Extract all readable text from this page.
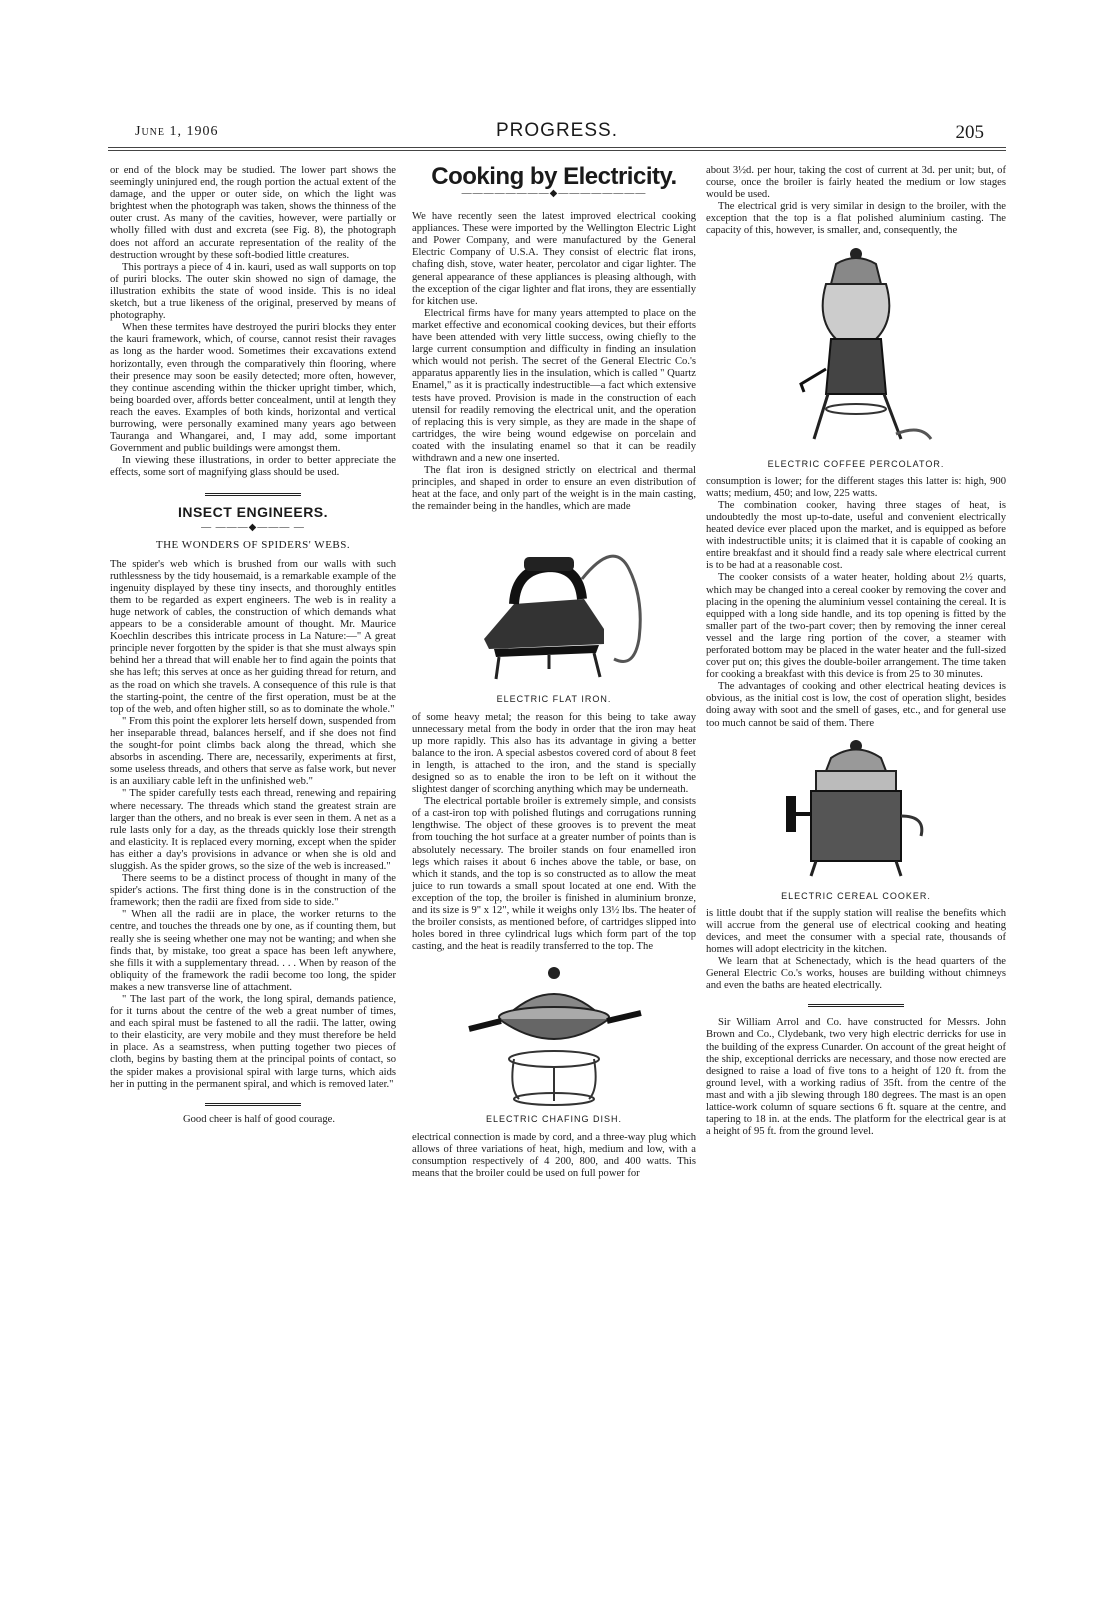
June 1, 1906	PROGRESS.	205

or end of the block may be studied. The lower part shows the seemingly uninjured end, the rough portion the actual extent of the damage, and the upper or outer side, on which the light was brightest when the photograph was taken, shows the thinness of the outer crust. As many of the cavities, however, were partially or wholly filled with dust and excreta (see Fig. 8), the photograph does not afford an accurate representation of the reality of the destruction wrought by these soft-bodied little creatures.

This portrays a piece of 4 in. kauri, used as wall supports on top of puriri blocks. The outer skin showed no sign of damage, the illustration exhibits the state of wood inside. This is no ideal sketch, but a true likeness of the original, preserved by means of photography.

When these termites have destroyed the puriri blocks they enter the kauri framework, which, of course, cannot resist their ravages as long as the harder wood. Sometimes their excavations extend horizontally, even through the comparatively thin flooring, where their presence may soon be easily detected; more often, however, they continue ascending within the thicker upright timber, which, being boarded over, affords better concealment, until at length they reach the eaves. Examples of both kinds, horizontal and vertical burrowing, were personally examined many years ago between Tauranga and Whangarei, and, I may add, some important Government and public buildings were amongst them.

In viewing these illustrations, in order to better appreciate the effects, some sort of magnifying glass should be used.

INSECT ENGINEERS.
— ———◆——— —
THE WONDERS OF SPIDERS' WEBS.

The spider's web which is brushed from our walls with such ruthlessness by the tidy housemaid, is a remarkable example of the ingenuity displayed by these tiny insects, and thoroughly entitles them to be regarded as expert engineers. The web is in reality a huge network of cables, the construction of which demands what appears to be a considerable amount of thought. Mr. Maurice Koechlin describes this intricate process in La Nature:—" A great principle never forgotten by the spider is that she must always spin behind her a thread that will enable her to find again the points that she has left; this serves at once as her guiding thread for return, and as the road on which she travels. A consequence of this rule is that the starting-point, the centre of the first operation, must be at the top of the web, and often higher still, so as to dominate the whole."

" From this point the explorer lets herself down, suspended from her inseparable thread, balances herself, and if she does not find the sought-for point climbs back along the thread, which she absorbs in ascending. There are, necessarily, experiments at first, some useless threads, and others that serve as false work, but never is an auxiliary cable left in the unfinished web."

" The spider carefully tests each thread, renewing and repairing where necessary. The threads which stand the greatest strain are larger than the others, and no break is ever seen in them. A net as a rule lasts only for a day, as the threads quickly lose their strength and elasticity. It is replaced every morning, except when the spider has either a day's provisions in advance or when she is old and sluggish. As the spider grows, so the size of the web is increased."

There seems to be a distinct process of thought in many of the spider's actions. The first thing done is in the construction of the framework; then the radii are fixed from side to side."

" When all the radii are in place, the worker returns to the centre, and touches the threads one by one, as if counting them, but really she is seeing whether one may not be wanting; and when she finds that, by mistake, too great a space has been left anywhere, she fills it with a supplementary thread. . . . When by reason of the obliquity of the framework the radii become too long, the spider makes a new transverse line of attachment.

" The last part of the work, the long spiral, demands patience, for it turns about the centre of the web a great number of times, and each spiral must be fastened to all the radii. The latter, owing to their elasticity, are very mobile and they must therefore be held in place. As a seamstress, when putting together two pieces of cloth, begins by basting them at the principal points of contact, so the spider makes a provisional spiral with large turns, which aids her in putting in the permanent spiral, and which is removed later."

Good cheer is half of good courage.

Cooking by Electricity.
————————◆————————

We have recently seen the latest improved electrical cooking appliances. These were imported by the Wellington Electric Light and Power Company, and were manufactured by the General Electric Company of U.S.A. They consist of electric flat irons, chafing dish, stove, water heater, percolator and cigar lighter. The general appearance of these appliances is pleasing although, with the exception of the cigar lighter and flat irons, they are essentially for kitchen use.

Electrical firms have for many years attempted to place on the market effective and economical cooking devices, but their efforts have been attended with very little success, owing chiefly to the large current consumption and difficulty in finding an insulation which would not perish. The secret of the General Electric Co.'s apparatus apparently lies in the insulation, which is called " Quartz Enamel," as it is practically indestructible—a fact which extensive tests have proved. Provision is made in the construction of each utensil for readily removing the electrical unit, and the operation of replacing this is very simple, as they are made in the shape of cartridges, the wire being wound edgewise on porcelain and coated with the insulating enamel so that it can be readily withdrawn and a new one inserted.

The flat iron is designed strictly on electrical and thermal principles, and shaped in order to ensure an even distribution of heat at the face, and only part of the weight is in the main casting, the remainder being in the handles, which are made

ELECTRIC FLAT IRON.

of some heavy metal; the reason for this being to take away unnecessary metal from the body in order that the iron may heat up more rapidly. This also has its advantage in giving a better balance to the iron. A special asbestos covered cord of about 8 feet in length, is attached to the iron, and the stand is specially designed so as to enable the iron to be left on it without the slightest danger of scorching anything which may be underneath.

The electrical portable broiler is extremely simple, and consists of a cast-iron top with polished flutings and corrugations running lengthwise. The object of these grooves is to prevent the meat from touching the hot surface at a greater number of points than is absolutely necessary. The broiler stands on four enamelled iron legs which raises it about 6 inches above the table, or base, on which it stands, and the top is so constructed as to allow the meat juice to run towards a small spout located at one end. With the exception of the top, the broiler is finished in aluminium bronze, and its size is 9" x 12", while it weighs only 13½ lbs. The heater of the broiler consists, as mentioned before, of cartridges slipped into holes bored in three cylindrical lugs which form part of the top casting, and the heat is readily transferred to the top. The

ELECTRIC CHAFING DISH.

electrical connection is made by cord, and a three-way plug which allows of three variations of heat, high, medium and low, with a consumption respectively of 4 200, 800, and 400 watts. This means that the broiler could be used on full power for

about 3½d. per hour, taking the cost of current at 3d. per unit; but, of course, once the broiler is fairly heated the medium or low stages would be used.

The electrical grid is very similar in design to the broiler, with the exception that the top is a flat polished aluminium casting. The capacity of this, however, is smaller, and, consequently, the

ELECTRIC COFFEE PERCOLATOR.

consumption is lower; for the different stages this latter is: high, 900 watts; medium, 450; and low, 225 watts.

The combination cooker, having three stages of heat, is undoubtedly the most up-to-date, useful and convenient electrically heated device ever placed upon the market, and is equipped as before with indestructible units; it is claimed that it is capable of cooking an entire breakfast and it should find a ready sale where electrical current is to be had at a reasonable cost.

The cooker consists of a water heater, holding about 2½ quarts, which may be changed into a cereal cooker by removing the cover and placing in the opening the aluminium vessel containing the cereal. It is equipped with a long side handle, and its top opening is fitted by the smaller part of the two-part cover; then by removing the inner cereal vessel and the large ring portion of the cover, a steamer with perforated bottom may be placed in the water heater and the full-sized cover put on; this gives the double-boiler arrangement. The time taken for cooking a breakfast with this device is from 25 to 30 minutes.

The advantages of cooking and other electrical heating devices is obvious, as the initial cost is low, the cost of operation slight, besides doing away with soot and the smell of gases, etc., and for general use too much cannot be said of them. There

ELECTRIC CEREAL COOKER.

is little doubt that if the supply station will realise the benefits which will accrue from the general use of electrical cooking and heating devices, and meet the consumer with a special rate, thousands of homes will adopt electricity in the kitchen.

We learn that at Schenectady, which is the head quarters of the General Electric Co.'s works, houses are building without chimneys and even the baths are heated electrically.

Sir William Arrol and Co. have constructed for Messrs. John Brown and Co., Clydebank, two very high electric derricks for use in the building of the express Cunarder. On account of the great height of the ship, exceptional derricks are necessary, and those now erected are designed to raise a load of five tons to a height of 120 ft. from the ground level, with a working radius of 35ft. from the centre of the mast and with a jib slewing through 180 degrees. The mast is an open lattice-work column of square sections 6 ft. square at the centre, and tapering to 18 in. at the ends. The platform for the electrical gear is at a height of 95 ft. from the ground level.
